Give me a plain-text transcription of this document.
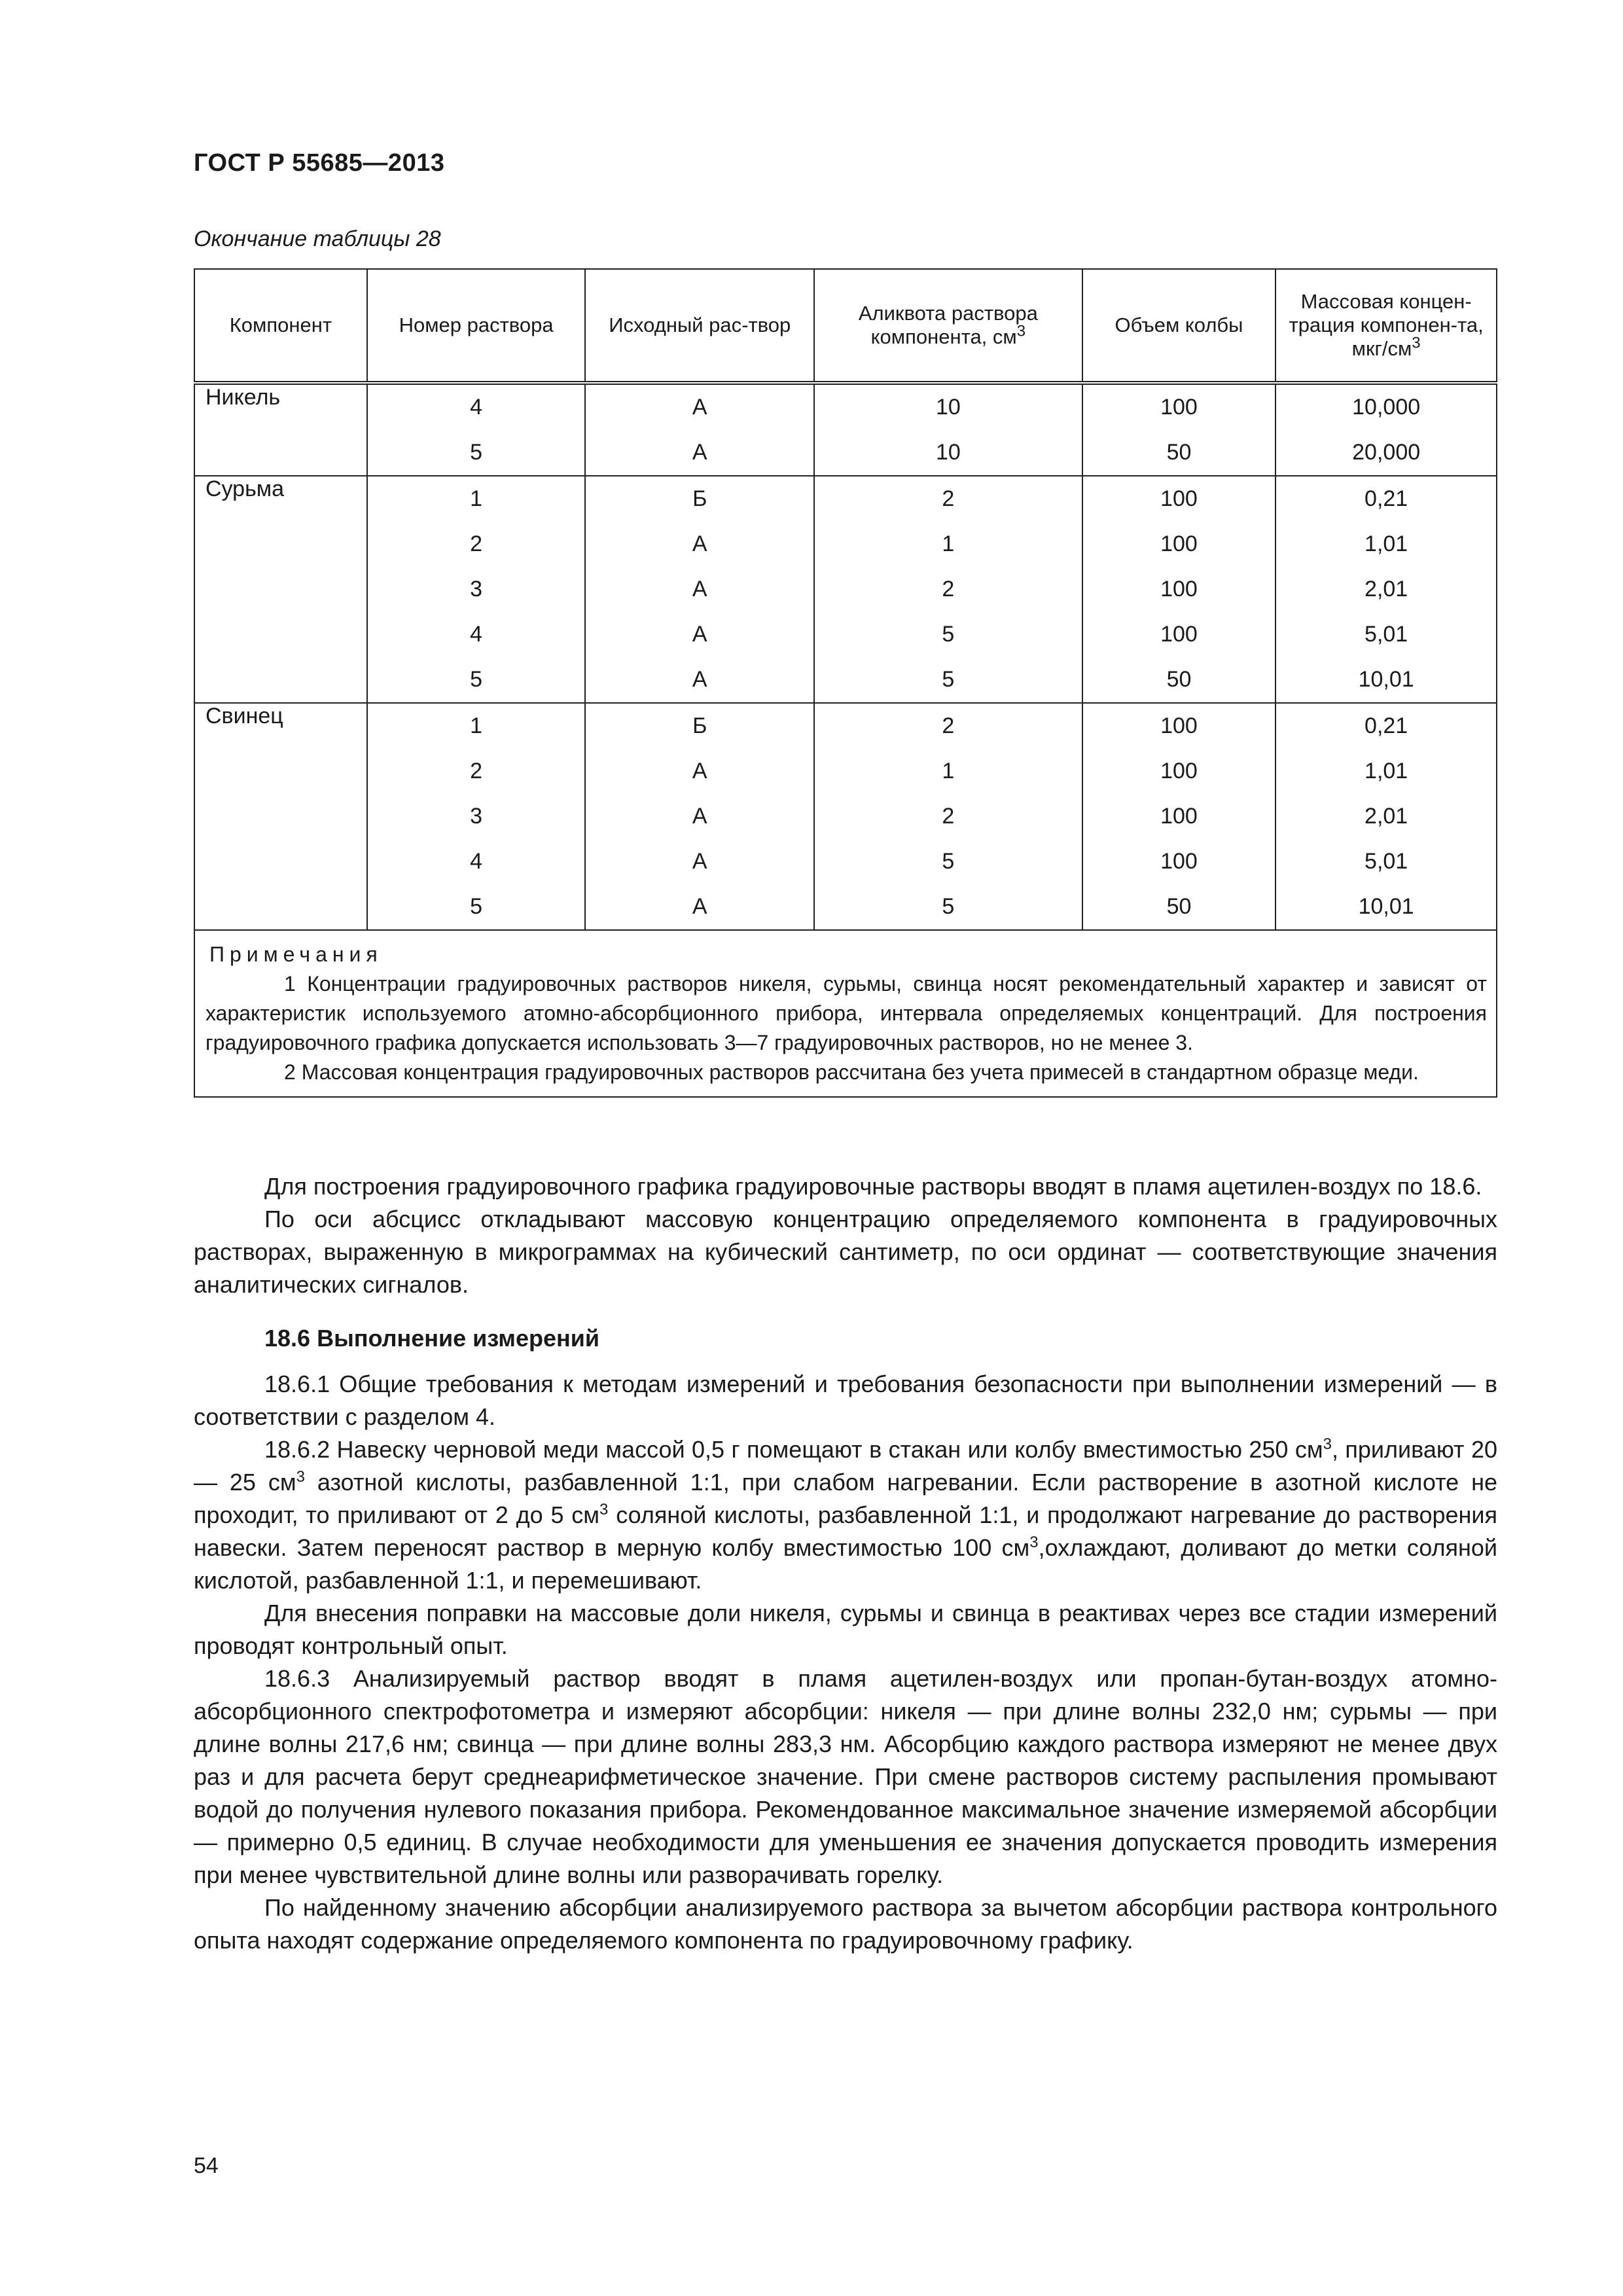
ГОСТ Р 55685—2013
Окончание таблицы 28
Компонент	Номер раствора	Исходный рас-твор	Аликвота раствора компонента, $см^3$	Объем колбы	Массовая концен-трация компонен-та, мкг/$см^3$
Никель	4	А	10	100	10,000
	5	А	10	50	20,000
Сурьма	1	Б	2	100	0,21
	2	А	1	100	1,01
	3	А	2	100	2,01
	4	А	5	100	5,01
	5	А	5	50	10,01
Свинец	1	Б	2	100	0,21
	2	А	1	100	1,01
	3	А	2	100	2,01
	4	А	5	100	5,01
	5	А	5	50	10,01

Примечания

1 Концентрации градуировочных растворов никеля, сурьмы, свинца носят рекомендательный характер и зависят от характеристик используемого атомно-абсорбционного прибора, интервала определяемых концентраций. Для построения градуировочного графика допускается использовать 3—7 градуировочных растворов, но не менее 3.

2 Массовая концентрация градуировочных растворов рассчитана без учета примесей в стандартном образце меди.					

Для построения градуировочного графика градуировочные растворы вводят в пламя ацетилен-воздух по 18.6.

По оси абсцисс откладывают массовую концентрацию определяемого компонента в градуировочных растворах, выраженную в микрограммах на кубический сантиметр, по оси ординат — соответствующие значения аналитических сигналов.

18.6 Выполнение измерений

18.6.1 Общие требования к методам измерений и требования безопасности при выполнении измерений — в соответствии с разделом 4.

18.6.2 Навеску черновой меди массой 0,5 г помещают в стакан или колбу вместимостью 250 $см^3$, приливают 20 — 25 $см^3$ азотной кислоты, разбавленной 1:1, при слабом нагревании. Если растворение в азотной кислоте не проходит, то приливают от 2 до 5 $см^3$ соляной кислоты, разбавленной 1:1, и продолжают нагревание до растворения навески. Затем переносят раствор в мерную колбу вместимостью 100 $см^3,охлаждают$, доливают до метки соляной кислотой, разбавленной 1:1, и перемешивают.

Для внесения поправки на массовые доли никеля, сурьмы и свинца в реактивах через все стадии измерений проводят контрольный опыт.

18.6.3 Анализируемый раствор вводят в пламя ацетилен-воздух или пропан-бутан-воздух атомно-абсорбционного спектрофотометра и измеряют абсорбции: никеля — при длине волны 232,0 нм; сурьмы — при длине волны 217,6 нм; свинца — при длине волны 283,3 нм. Абсорбцию каждого раствора измеряют не менее двух раз и для расчета берут среднеарифметическое значение. При смене растворов систему распыления промывают водой до получения нулевого показания прибора. Рекомендованное максимальное значение измеряемой абсорбции — примерно 0,5 единиц. В случае необходимости для уменьшения ее значения допускается проводить измерения при менее чувствительной длине волны или разворачивать горелку.

По найденному значению абсорбции анализируемого раствора за вычетом абсорбции раствора контрольного опыта находят содержание определяемого компонента по градуировочному графику.

54
